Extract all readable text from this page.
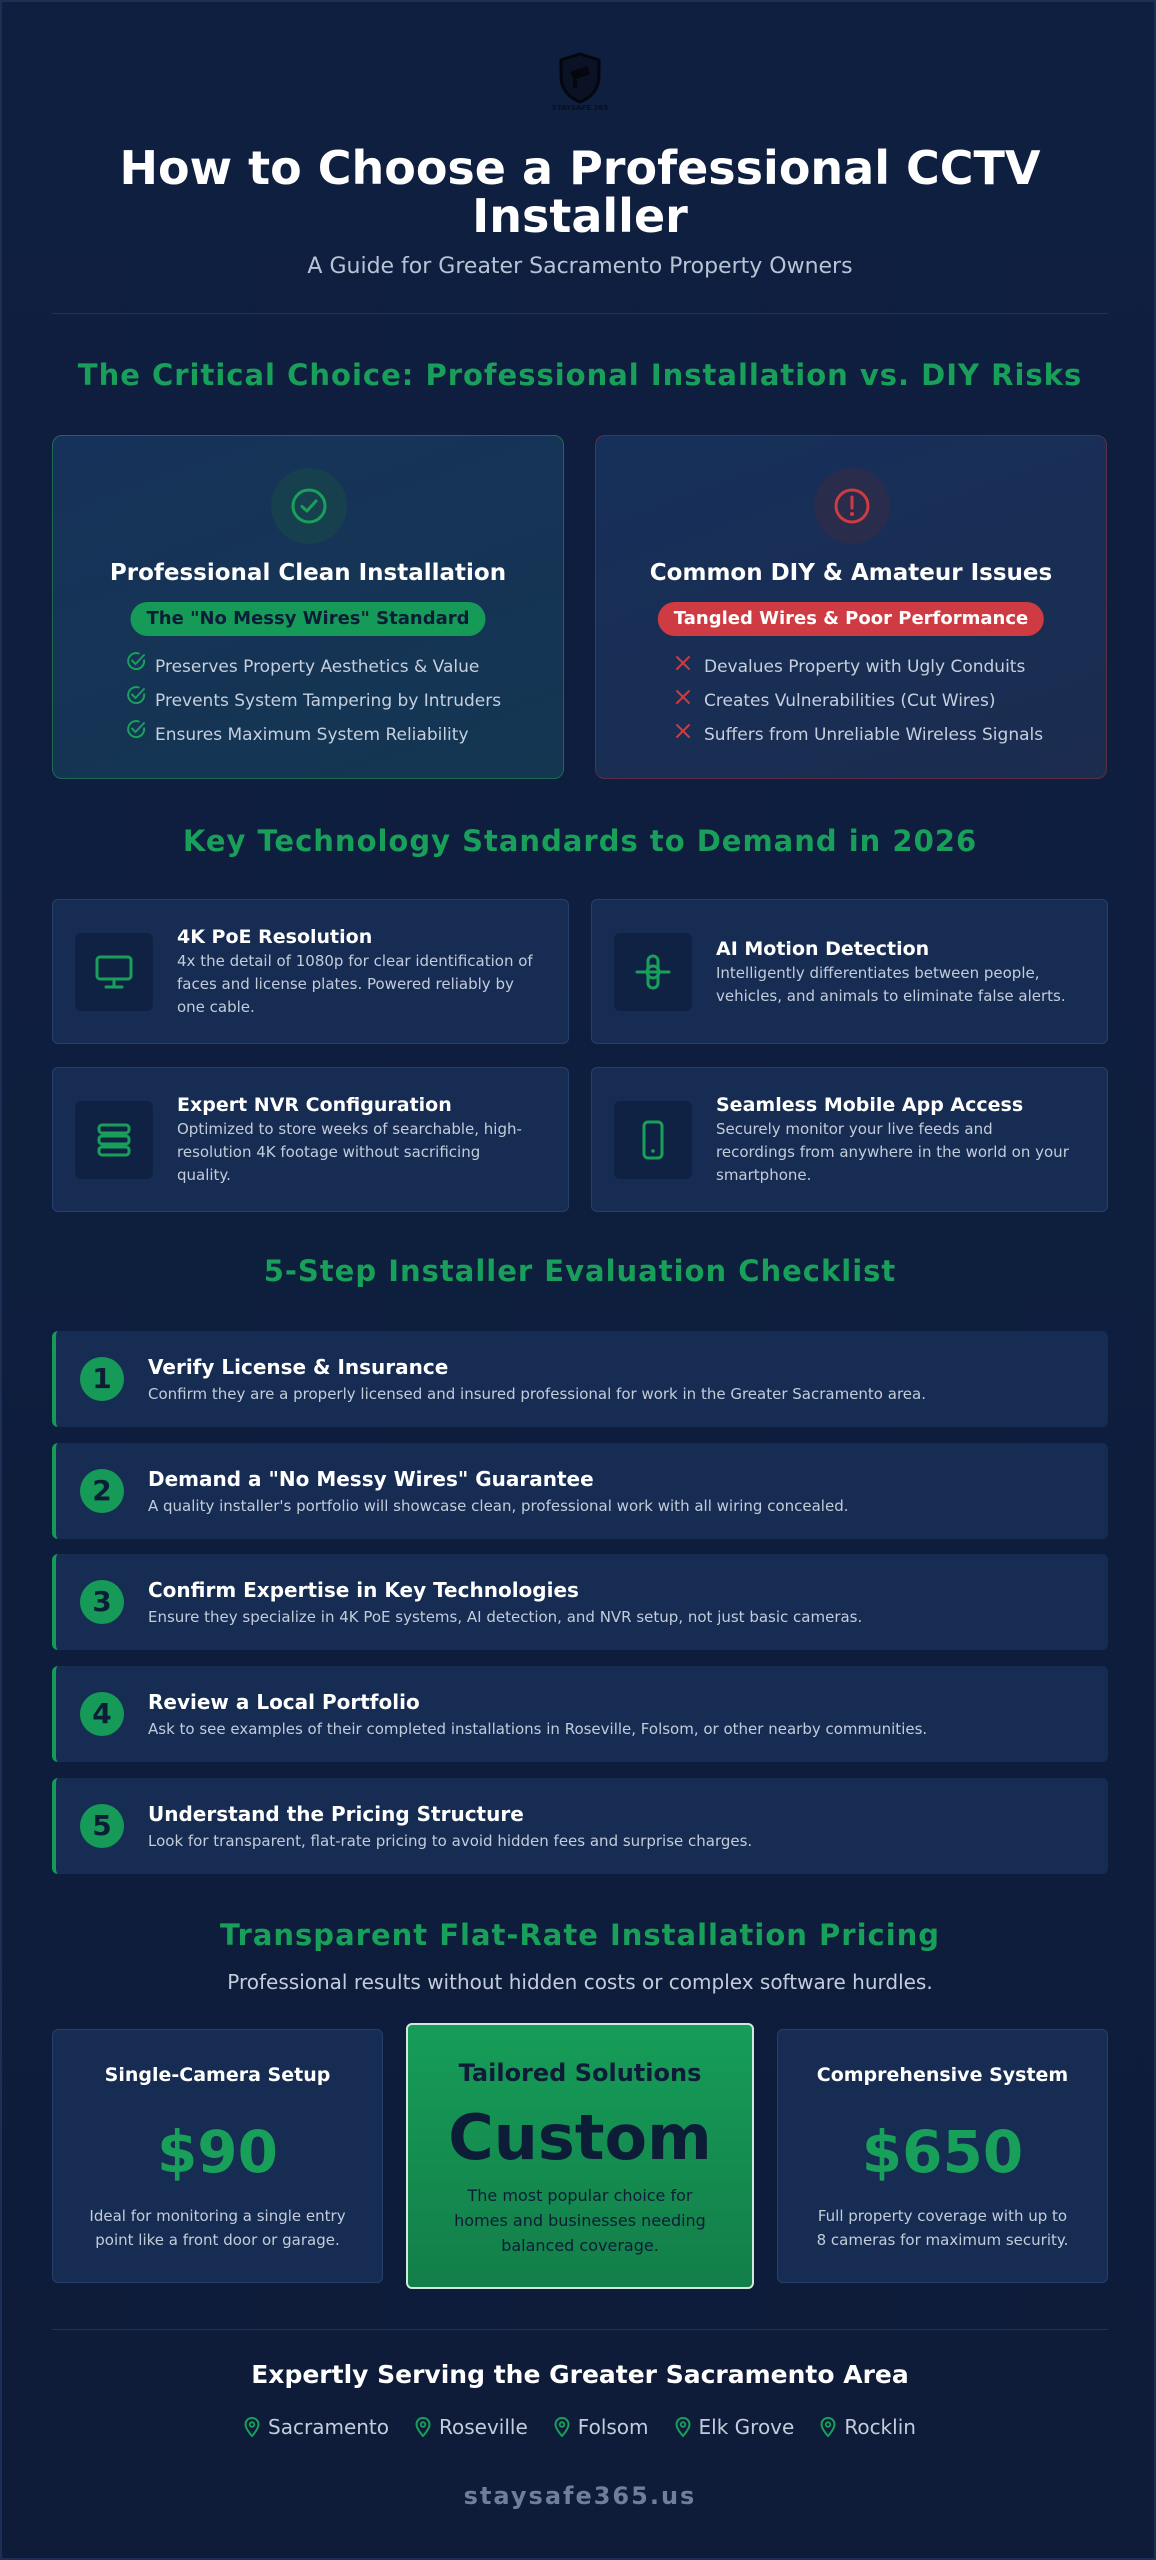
STAYSAFE 365
How to Choose a Professional CCTV Installer
A Guide for Greater Sacramento Property Owners
The Critical Choice: Professional Installation vs. DIY Risks
Professional Clean Installation
The "No Messy Wires" Standard
Preserves Property Aesthetics & Value
Prevents System Tampering by Intruders
Ensures Maximum System Reliability
Common DIY & Amateur Issues
Tangled Wires & Poor Performance
Devalues Property with Ugly Conduits
Creates Vulnerabilities (Cut Wires)
Suffers from Unreliable Wireless Signals
Key Technology Standards to Demand in 2026
4K PoE Resolution
4x the detail of 1080p for clear identification of
faces and license plates. Powered reliably by
one cable.
AI Motion Detection
Intelligently differentiates between people,
vehicles, and animals to eliminate false alerts.
Expert NVR Configuration
Optimized to store weeks of searchable, high-
resolution 4K footage without sacrificing
quality.
Seamless Mobile App Access
Securely monitor your live feeds and
recordings from anywhere in the world on your
smartphone.
5-Step Installer Evaluation Checklist
1	Verify License & Insurance
Confirm they are a properly licensed and insured professional for work in the Greater Sacramento area.
2	Demand a "No Messy Wires" Guarantee
A quality installer's portfolio will showcase clean, professional work with all wiring concealed.
3	Confirm Expertise in Key Technologies
Ensure they specialize in 4K PoE systems, AI detection, and NVR setup, not just basic cameras.
4	Review a Local Portfolio
Ask to see examples of their completed installations in Roseville, Folsom, or other nearby communities.
5	Understand the Pricing Structure
Look for transparent, flat-rate pricing to avoid hidden fees and surprise charges.
Transparent Flat-Rate Installation Pricing
Professional results without hidden costs or complex software hurdles.
Single-Camera Setup
$90
Ideal for monitoring a single entry
point like a front door or garage.
Tailored Solutions
Custom
The most popular choice for
homes and businesses needing
balanced coverage.
Comprehensive System
$650
Full property coverage with up to
8 cameras for maximum security.
Expertly Serving the Greater Sacramento Area
Sacramento	Roseville	Folsom	Elk Grove	Rocklin
staysafe365.us
